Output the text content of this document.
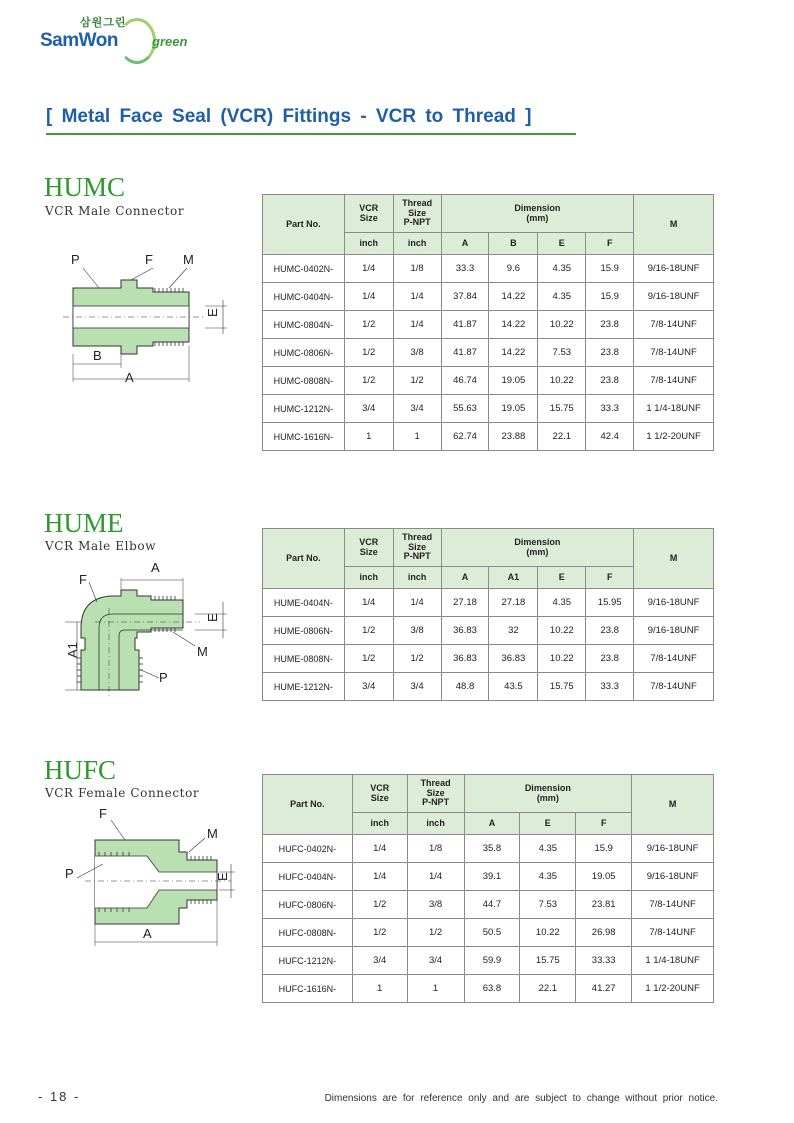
삼원그린
SamWon	green
[ Metal Face Seal (VCR) Fittings - VCR to Thread ]
HUMC
VCR Male Connector
P	F M
E
B
A
Part No.	VCR
Size	Thread
Size
P-NPT	Dimension
(mm)				M
	inch	inch	A	B	E	F	
HUMC-0402N-	1/4	1/8	33.3	9.6	4.35	15.9	9/16-18UNF
HUMC-0404N-	1/4	1/4	37.84	14.22	4.35	15.9	9/16-18UNF
HUMC-0804N-	1/2	1/4	41.87	14.22	10.22	23.8	7/8-14UNF
HUMC-0806N-	1/2	3/8	41.87	14.22	7.53	23.8	7/8-14UNF
HUMC-0808N-	1/2	1/2	46.74	19.05	10.22	23.8	7/8-14UNF
HUMC-1212N-	3/4	3/4	55.63	19.05	15.75	33.3	1 1/4-18UNF
HUMC-1616N-	1	1	62.74	23.88	22.1	42.4	1 1/2-20UNF
HUME
VCR Male Elbow
A
F
E
M
A1
P
Part No.	VCR
Size	Thread
Size
P-NPT	Dimension
(mm)				M
	inch	inch	A	A1	E	F	
HUME-0404N-	1/4	1/4	27.18	27.18	4.35	15.95	9/16-18UNF
HUME-0806N-	1/2	3/8	36.83	32	10.22	23.8	9/16-18UNF
HUME-0808N-	1/2	1/2	36.83	36.83	10.22	23.8	7/8-14UNF
HUME-1212N-	3/4	3/4	48.8	43.5	15.75	33.3	7/8-14UNF
HUFC
VCR Female Connector
F
M
P	E
A
Part No.	VCR
Size	Thread
Size
P-NPT	Dimension
(mm)			M
	inch	inch	A	E	F	
HUFC-0402N-	1/4	1/8	35.8	4.35	15.9	9/16-18UNF
HUFC-0404N-	1/4	1/4	39.1	4.35	19.05	9/16-18UNF
HUFC-0806N-	1/2	3/8	44.7	7.53	23.81	7/8-14UNF
HUFC-0808N-	1/2	1/2	50.5	10.22	26.98	7/8-14UNF
HUFC-1212N-	3/4	3/4	59.9	15.75	33.33	1 1/4-18UNF
HUFC-1616N-	1	1	63.8	22.1	41.27	1 1/2-20UNF
- 18 -	Dimensions are for reference only and are subject to change without prior notice.
